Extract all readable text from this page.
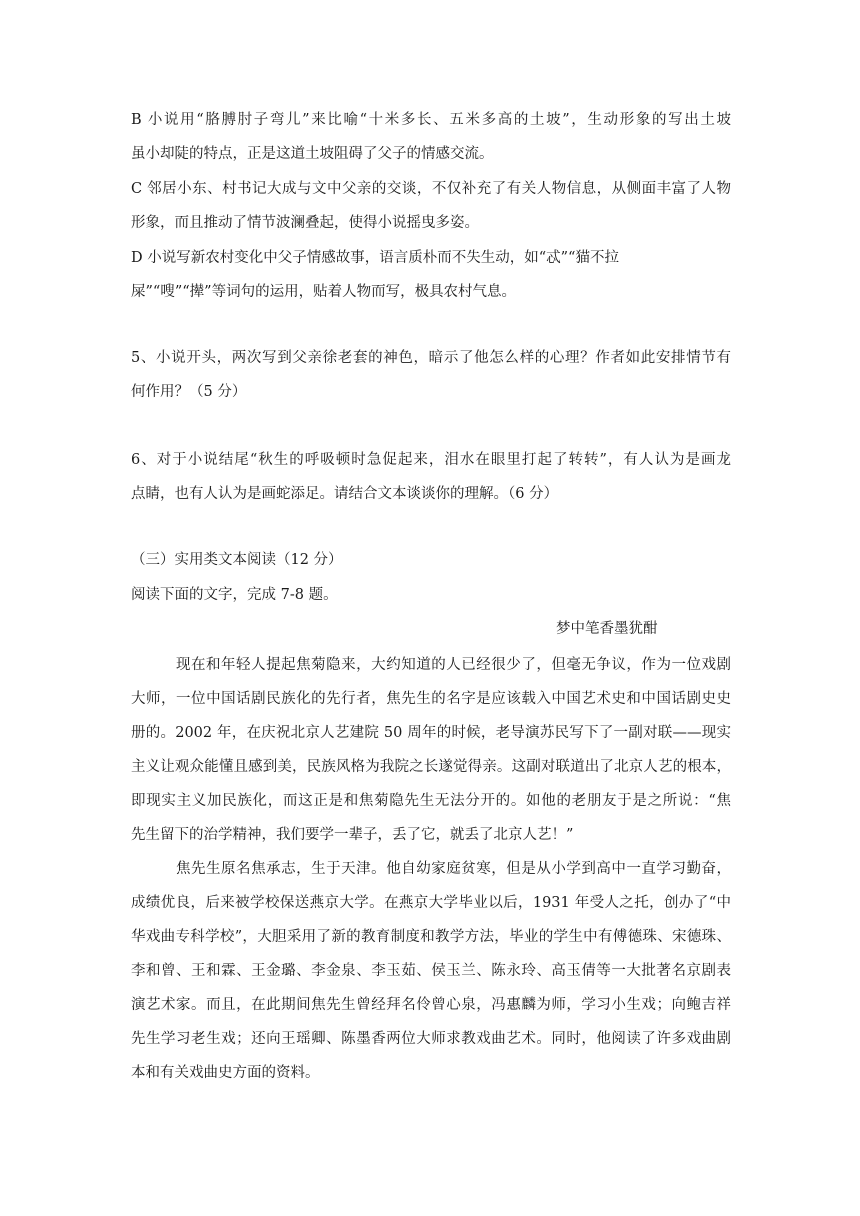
B 小说用“胳膊肘子弯儿”来比喻“十米多长、五米多高的土坡”，生动形象的写出土坡
虽小却陡的特点，正是这道土坡阻碍了父子的情感交流。
C 邻居小东、村书记大成与文中父亲的交谈，不仅补充了有关人物信息，从侧面丰富了人物
形象，而且推动了情节波澜叠起，使得小说摇曳多姿。
D 小说写新农村变化中父子情感故事，语言质朴而不失生动，如“忒”“猫不拉
屎”“嗖”“撵”等词句的运用，贴着人物而写，极具农村气息。
5、小说开头，两次写到父亲徐老套的神色，暗示了他怎么样的心理？作者如此安排情节有
何作用？（5 分）
6、对于小说结尾“秋生的呼吸顿时急促起来，泪水在眼里打起了转转”，有人认为是画龙
点睛，也有人认为是画蛇添足。请结合文本谈谈你的理解。（6 分）
（三）实用类文本阅读（12 分）
阅读下面的文字，完成 7-8 题。
梦中笔香墨犹酣
现在和年轻人提起焦菊隐来，大约知道的人已经很少了，但毫无争议，作为一位戏剧
大师，一位中国话剧民族化的先行者，焦先生的名字是应该载入中国艺术史和中国话剧史史
册的。2002 年，在庆祝北京人艺建院 50 周年的时候，老导演苏民写下了一副对联——现实
主义让观众能懂且感到美，民族风格为我院之长遂觉得亲。这副对联道出了北京人艺的根本，
即现实主义加民族化，而这正是和焦菊隐先生无法分开的。如他的老朋友于是之所说：“焦
先生留下的治学精神，我们要学一辈子，丢了它，就丢了北京人艺！”
焦先生原名焦承志，生于天津。他自幼家庭贫寒，但是从小学到高中一直学习勤奋，
成绩优良，后来被学校保送燕京大学。在燕京大学毕业以后，1931 年受人之托，创办了“中
华戏曲专科学校”，大胆采用了新的教育制度和教学方法，毕业的学生中有傅德珠、宋德珠、
李和曾、王和霖、王金璐、李金泉、李玉茹、侯玉兰、陈永玲、高玉倩等一大批著名京剧表
演艺术家。而且，在此期间焦先生曾经拜名伶曾心泉，冯惠麟为师，学习小生戏；向鲍吉祥
先生学习老生戏；还向王瑶卿、陈墨香两位大师求教戏曲艺术。同时，他阅读了许多戏曲剧
本和有关戏曲史方面的资料。
